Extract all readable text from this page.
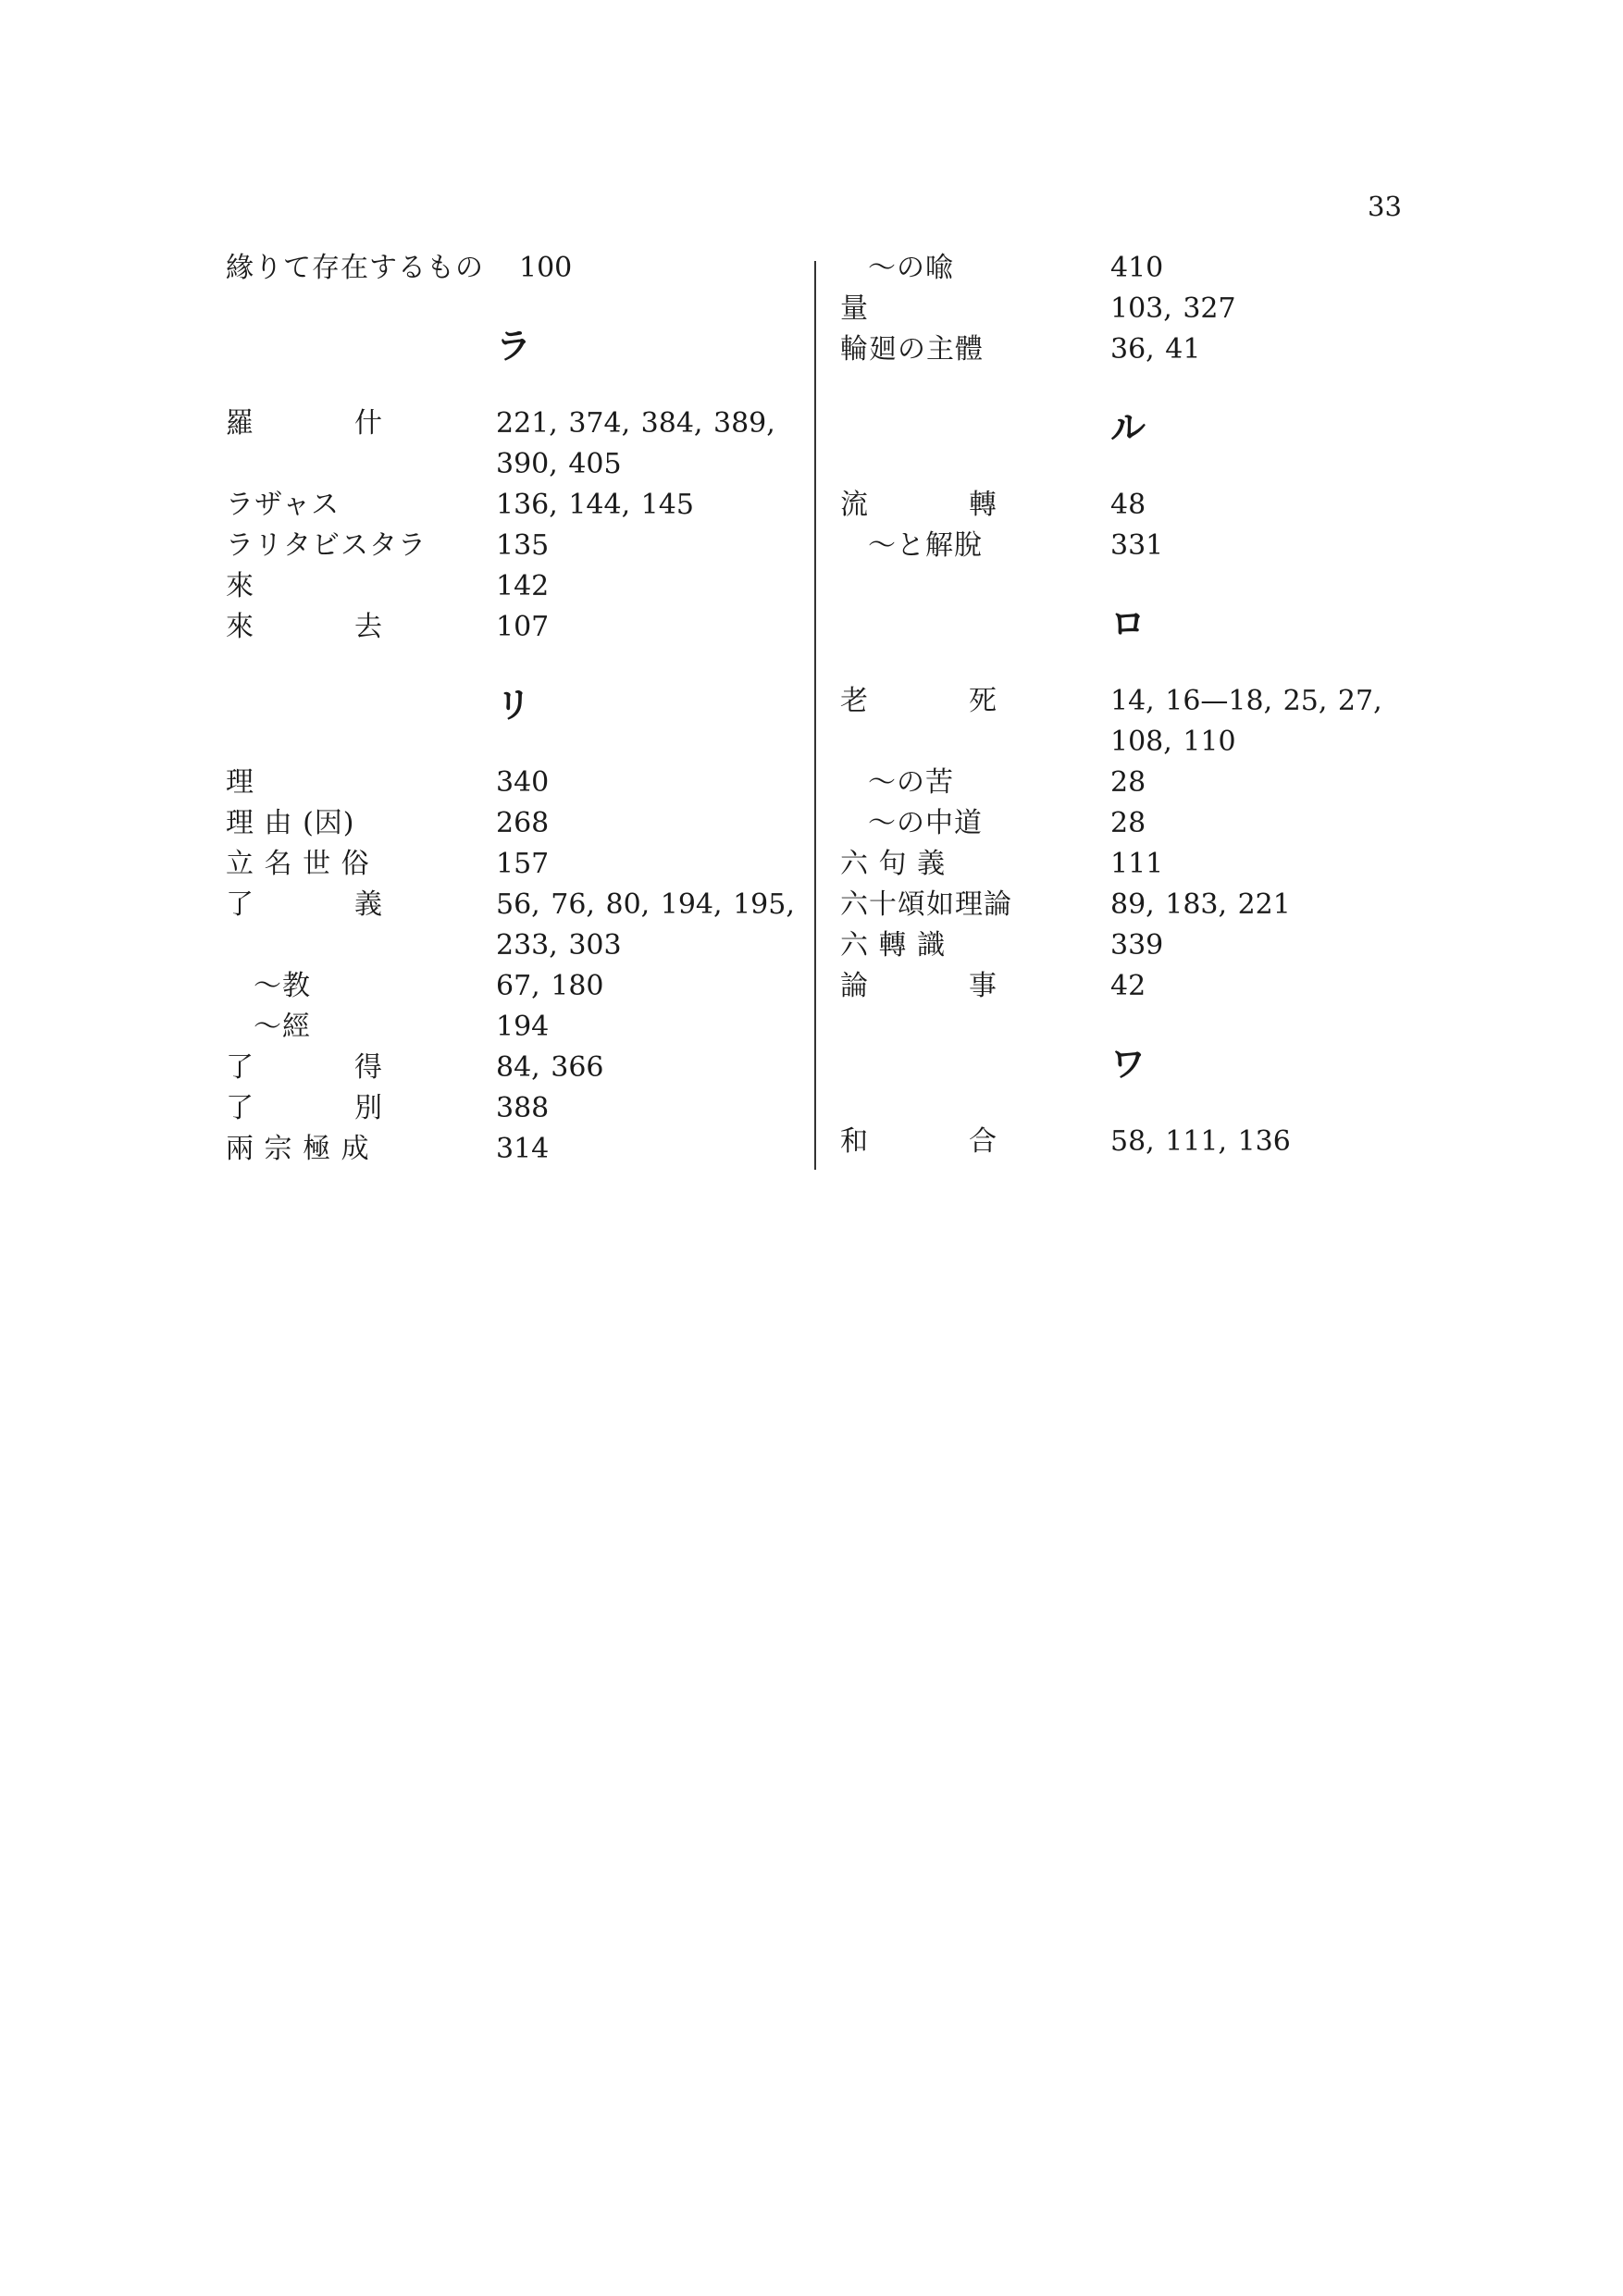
33
緣りて存在するもの 100
ラ
羅　什	221, 374, 384, 389,
390, 405
ラザャス	136, 144, 145
ラリタビスタラ	135
來	142
來　去	107
リ
理	340
理 由 (因)	268
立 名 世 俗	157
了　義	56, 76, 80, 194, 195,
233, 303
～教	67, 180
～經	194
了　得	84, 366
了　別	388
兩 宗 極 成	314
～の喩	410
量	103, 327
輪廻の主體	36, 41
ル
流　轉	48
～と解脫	331
ロ
老　死	14, 16—18, 25, 27,
108, 110
～の苦	28
～の中道	28
六 句 義	111
六十頌如理論	89, 183, 221
六 轉 識	339
論　事	42
ワ
和　合	58, 111, 136
